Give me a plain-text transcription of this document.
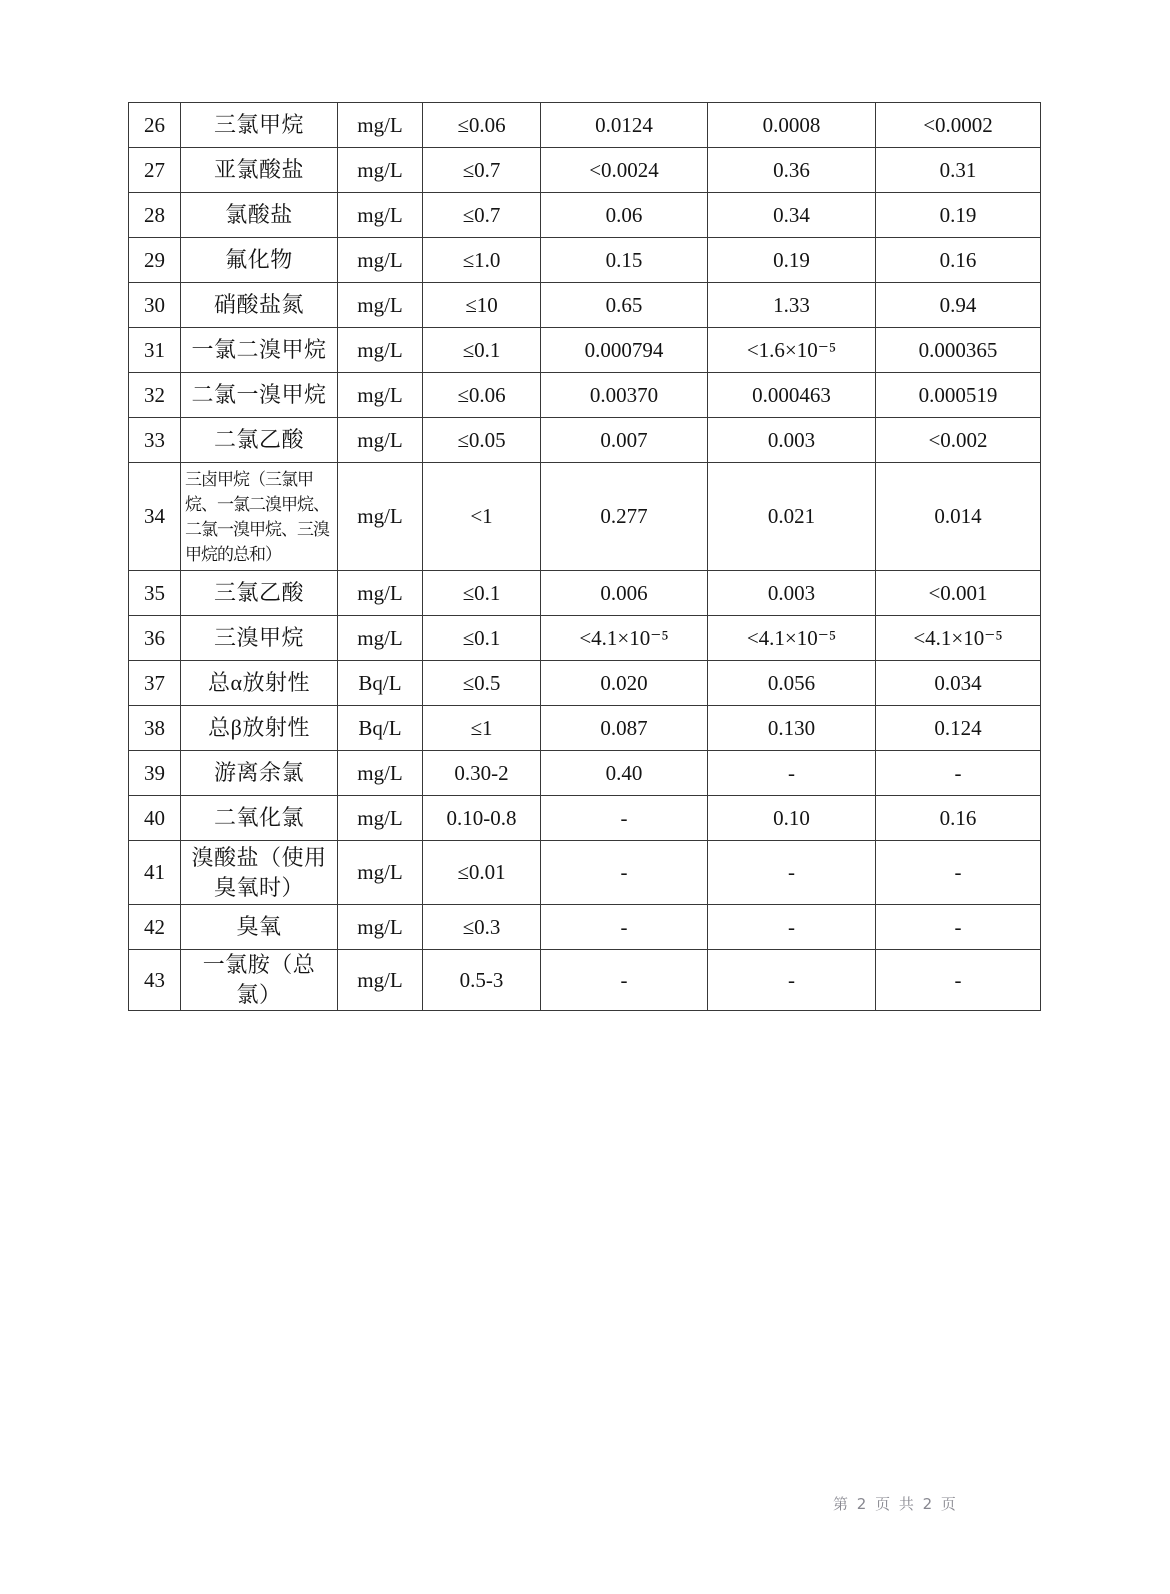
26	三氯甲烷	mg/L	≤0.06	0.0124	0.0008	<0.0002
27	亚氯酸盐	mg/L	≤0.7	<0.0024	0.36	0.31
28	氯酸盐	mg/L	≤0.7	0.06	0.34	0.19
29	氟化物	mg/L	≤1.0	0.15	0.19	0.16
30	硝酸盐氮	mg/L	≤10	0.65	1.33	0.94
31	一氯二溴甲烷	mg/L	≤0.1	0.000794	<1.6×10⁻⁵	0.000365
32	二氯一溴甲烷	mg/L	≤0.06	0.00370	0.000463	0.000519
33	二氯乙酸	mg/L	≤0.05	0.007	0.003	<0.002
34	三卤甲烷（三氯甲烷、一氯二溴甲烷、二氯一溴甲烷、三溴甲烷的总和）	mg/L	<1	0.277	0.021	0.014
35	三氯乙酸	mg/L	≤0.1	0.006	0.003	<0.001
36	三溴甲烷	mg/L	≤0.1	<4.1×10⁻⁵	<4.1×10⁻⁵	<4.1×10⁻⁵
37	总α放射性	Bq/L	≤0.5	0.020	0.056	0.034
38	总β放射性	Bq/L	≤1	0.087	0.130	0.124
39	游离余氯	mg/L	0.30-2	0.40	-	-
40	二氧化氯	mg/L	0.10-0.8	-	0.10	0.16
41	溴酸盐（使用臭氧时）	mg/L	≤0.01	-	-	-
42	臭氧	mg/L	≤0.3	-	-	-
43	一氯胺（总氯）	mg/L	0.5-3	-	-	-
第 2 页 共 2 页
